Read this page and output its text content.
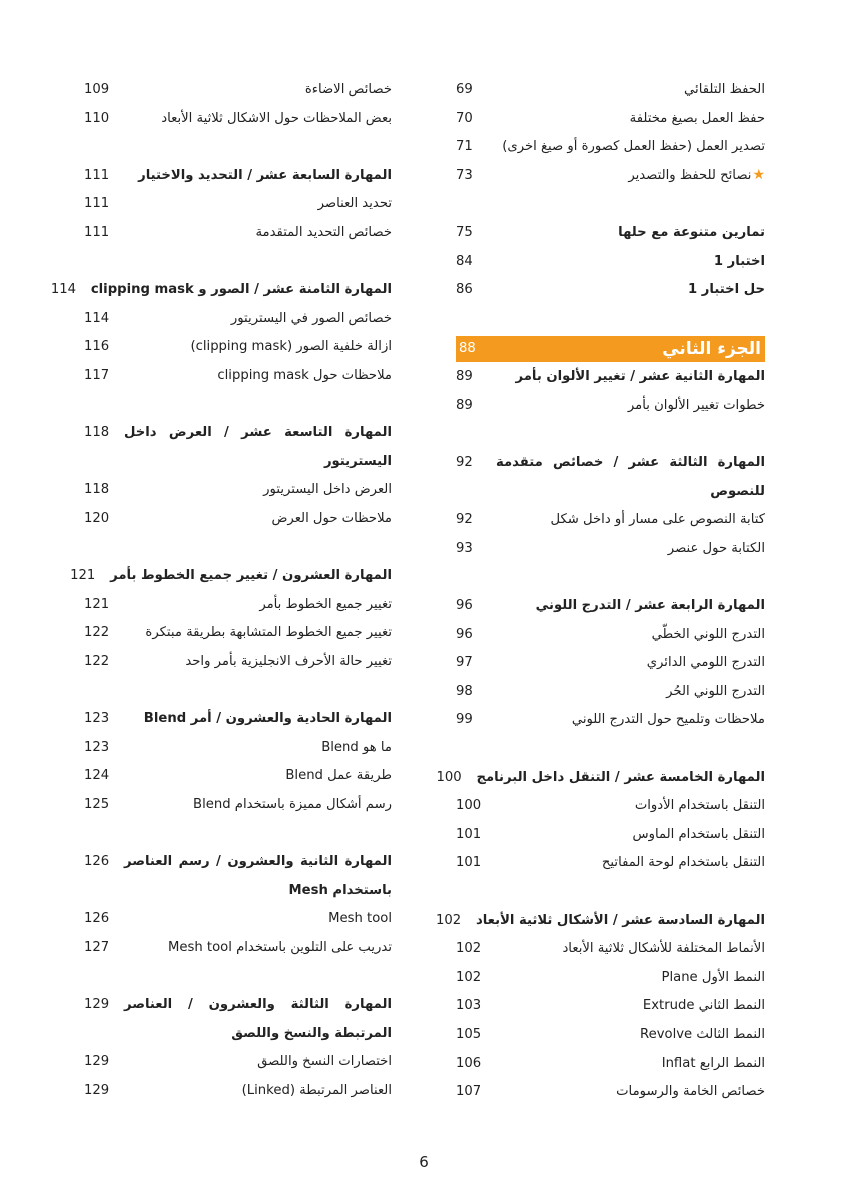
الحفظ التلقائي
69
حفظ العمل بصيغ مختلفة
70
تصدير العمل (حفظ العمل كصورة أو صيغ اخرى)
71
★نصائح للحفظ والتصدير
73
تمارين متنوعة مع حلها
75
اختبار 1
84
حل اختبار 1
86
الجزء الثاني
88
المهارة الثانية عشر / تغيير الألوان بأمر
89
خطوات تغيير الألوان بأمر
89
المهارة الثالثة عشر / خصائص متقدمة للنصوص
92
كتابة النصوص على مسار أو داخل شكل
92
الكتابة حول عنصر
93
المهارة الرابعة عشر / التدرج اللوني
96
التدرج اللوني الخطّي
96
التدرج اللومي الدائري
97
التدرج اللوني الحُر
98
ملاحظات وتلميح حول التدرج اللوني
99
المهارة الخامسة عشر / التنقل داخل البرنامج
100
التنقل باستخدام الأدوات
100
التنقل باستخدام الماوس
101
التنقل باستخدام لوحة المفاتيح
101
المهارة السادسة عشر / الأشكال ثلاثية الأبعاد
102
الأنماط المختلفة للأشكال ثلاثية الأبعاد
102
النمط الأول Plane
102
النمط الثاني Extrude
103
النمط الثالث Revolve
105
النمط الرابع Inflat
106
خصائص الخامة والرسومات
107
خصائص الاضاءة
109
بعض الملاحظات حول الاشكال ثلاثية الأبعاد
110
المهارة السابعة عشر / التحديد والاختيار
111
تحديد العناصر
111
خصائص التحديد المتقدمة
111
المهارة الثامنة عشر / الصور و clipping mask
114
خصائص الصور في اليستريتور
114
ازالة خلفية الصور (clipping mask)
116
ملاحظات حول clipping mask
117
المهارة التاسعة عشر / العرض داخل اليستريتور
118
العرض داخل اليستريتور
118
ملاحظات حول العرض
120
المهارة العشرون / تغيير جميع الخطوط بأمر
121
تغيير جميع الخطوط بأمر
121
تغيير جميع الخطوط المتشابهة بطريقة مبتكرة
122
تغيير حالة الأحرف الانجليزية بأمر واحد
122
المهارة الحادية والعشرون / أمر Blend
123
ما هو Blend
123
طريقة عمل Blend
124
رسم أشكال مميزة باستخدام Blend
125
المهارة الثانية والعشرون / رسم العناصر باستخدام Mesh
126
Mesh tool
126
تدريب على التلوين باستخدام Mesh tool
127
المهارة الثالثة والعشرون / العناصر المرتبطة والنسخ واللصق
129
اختصارات النسخ واللصق
129
العناصر المرتبطة (Linked)
129
6
